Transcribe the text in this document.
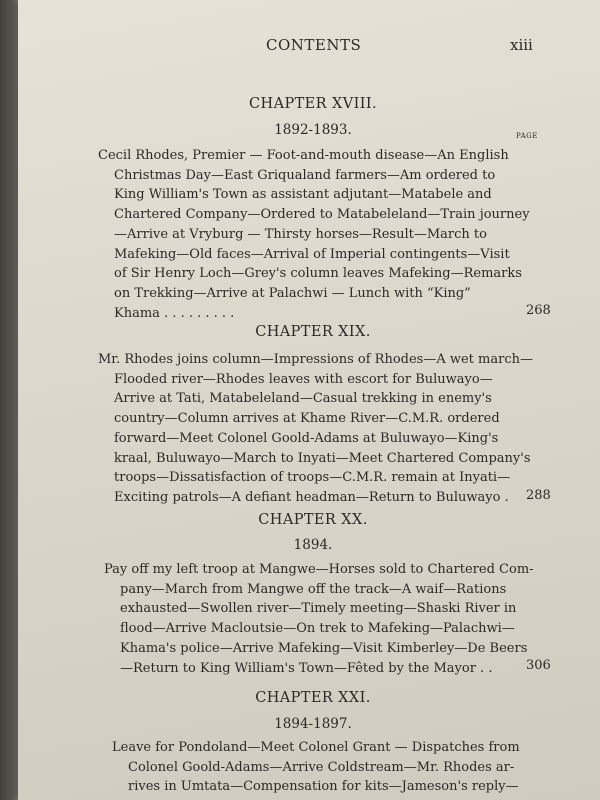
CONTENTS	xiii
PAGE
CHAPTER XVIII.
1892-1893.
Cecil Rhodes, Premier — Foot-and-mouth disease—An English
Christmas Day—East Griqualand farmers—Am ordered to
King William's Town as assistant adjutant—Matabele and
Chartered Company—Ordered to Matabeleland—Train journey
—Arrive at Vryburg — Thirsty horses—Result—March to
Mafeking—Old faces—Arrival of Imperial contingents—Visit
of Sir Henry Loch—Grey's column leaves Mafeking—Remarks
on Trekking—Arrive at Palachwi — Lunch with “King”
Khama . . . . . . . . .	268
CHAPTER XIX.
Mr. Rhodes joins column—Impressions of Rhodes—A wet march—
Flooded river—Rhodes leaves with escort for Buluwayo—
Arrive at Tati, Matabeleland—Casual trekking in enemy's
country—Column arrives at Khame River—C.M.R. ordered
forward—Meet Colonel Goold-Adams at Buluwayo—King's
kraal, Buluwayo—March to Inyati—Meet Chartered Company's
troops—Dissatisfaction of troops—C.M.R. remain at Inyati—
Exciting patrols—A defiant headman—Return to Buluwayo .	288
CHAPTER XX.
1894.
Pay off my left troop at Mangwe—Horses sold to Chartered Com-
pany—March from Mangwe off the track—A waif—Rations
exhausted—Swollen river—Timely meeting—Shaski River in
flood—Arrive Macloutsie—On trek to Mafeking—Palachwi—
Khama's police—Arrive Mafeking—Visit Kimberley—De Beers
—Return to King William's Town—Fêted by the Mayor . .	306
CHAPTER XXI.
1894-1897.
Leave for Pondoland—Meet Colonel Grant — Dispatches from
Colonel Goold-Adams—Arrive Coldstream—Mr. Rhodes ar-
rives in Umtata—Compensation for kits—Jameson's reply—
